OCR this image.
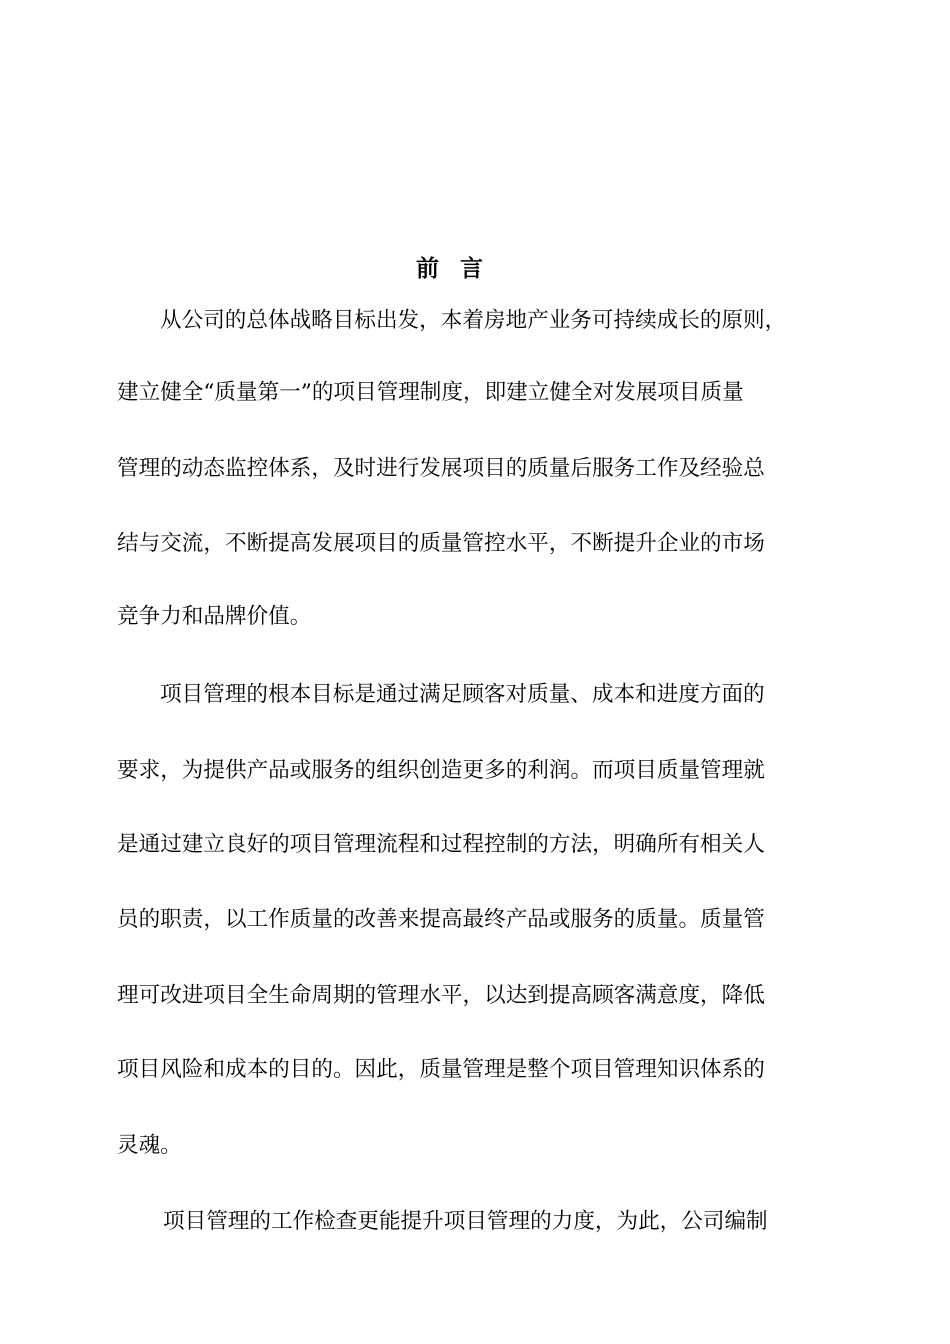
前言
从公司的总体战略目标出发，本着房地产业务可持续成长的原则，
建立健全“质量第一”的项目管理制度，即建立健全对发展项目质量
管理的动态监控体系，及时进行发展项目的质量后服务工作及经验总
结与交流，不断提高发展项目的质量管控水平，不断提升企业的市场
竞争力和品牌价值。
项目管理的根本目标是通过满足顾客对质量、成本和进度方面的
要求，为提供产品或服务的组织创造更多的利润。而项目质量管理就
是通过建立良好的项目管理流程和过程控制的方法，明确所有相关人
员的职责，以工作质量的改善来提高最终产品或服务的质量。质量管
理可改进项目全生命周期的管理水平，以达到提高顾客满意度，降低
项目风险和成本的目的。因此，质量管理是整个项目管理知识体系的
灵魂。
项目管理的工作检查更能提升项目管理的力度，为此，公司编制
